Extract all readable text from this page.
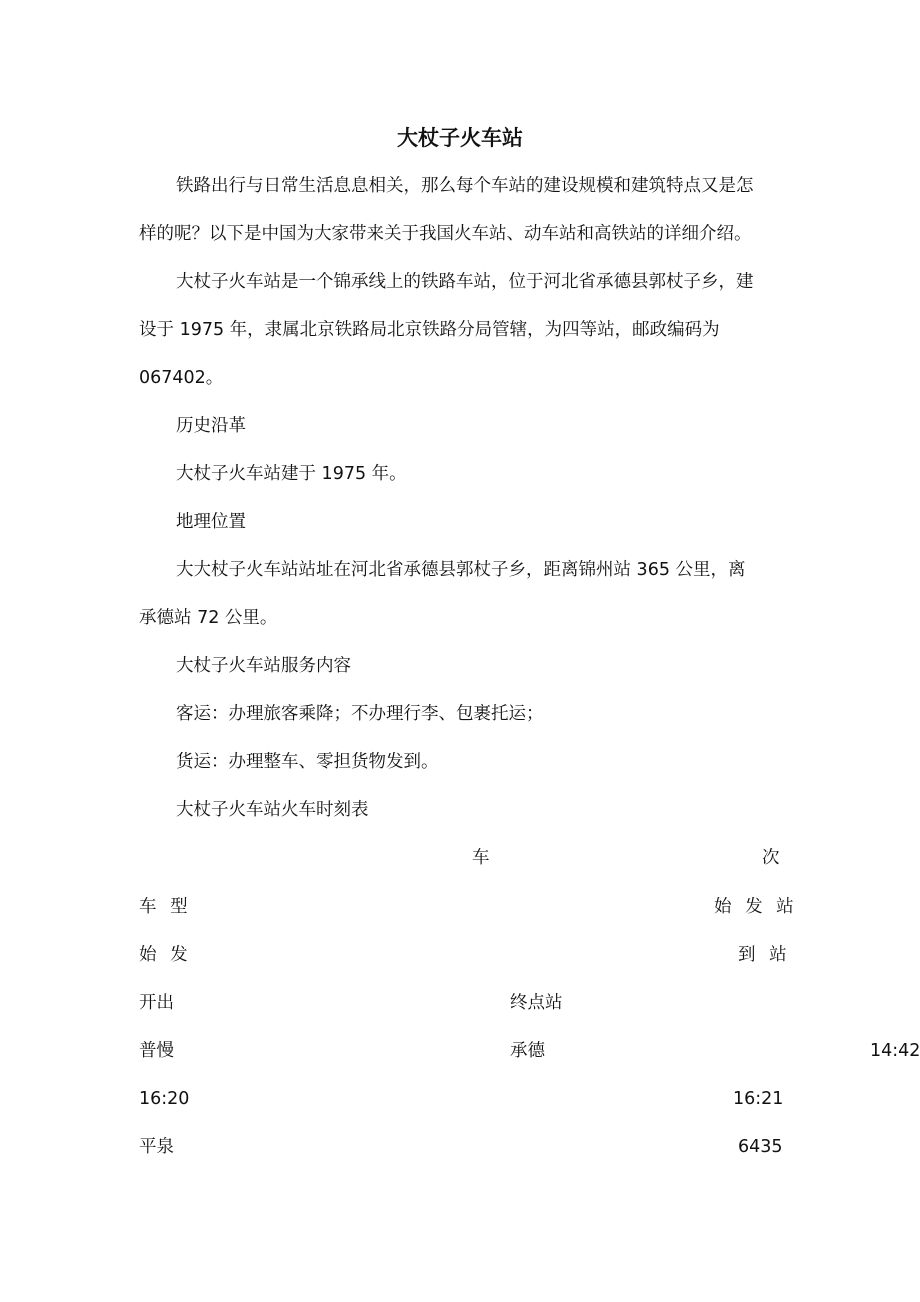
大杖子火车站
铁路出行与日常生活息息相关，那么每个车站的建设规模和建筑特点又是怎
样的呢？以下是中国为大家带来关于我国火车站、动车站和高铁站的详细介绍。
大杖子火车站是一个锦承线上的铁路车站，位于河北省承德县郭杖子乡，建
设于 1975 年，隶属北京铁路局北京铁路分局管辖，为四等站，邮政编码为
067402。
历史沿革
大杖子火车站建于 1975 年。
地理位置
大大杖子火车站站址在河北省承德县郭杖子乡，距离锦州站 365 公里，离
承德站 72 公里。
大杖子火车站服务内容
客运：办理旅客乘降；不办理行李、包裹托运；
货运：办理整车、零担货物发到。
大杖子火车站火车时刻表
车	次
车 型	始 发 站
始 发	到 站
开出	终点站
普慢	承德	14:42
16:20	16:21
平泉	6435
